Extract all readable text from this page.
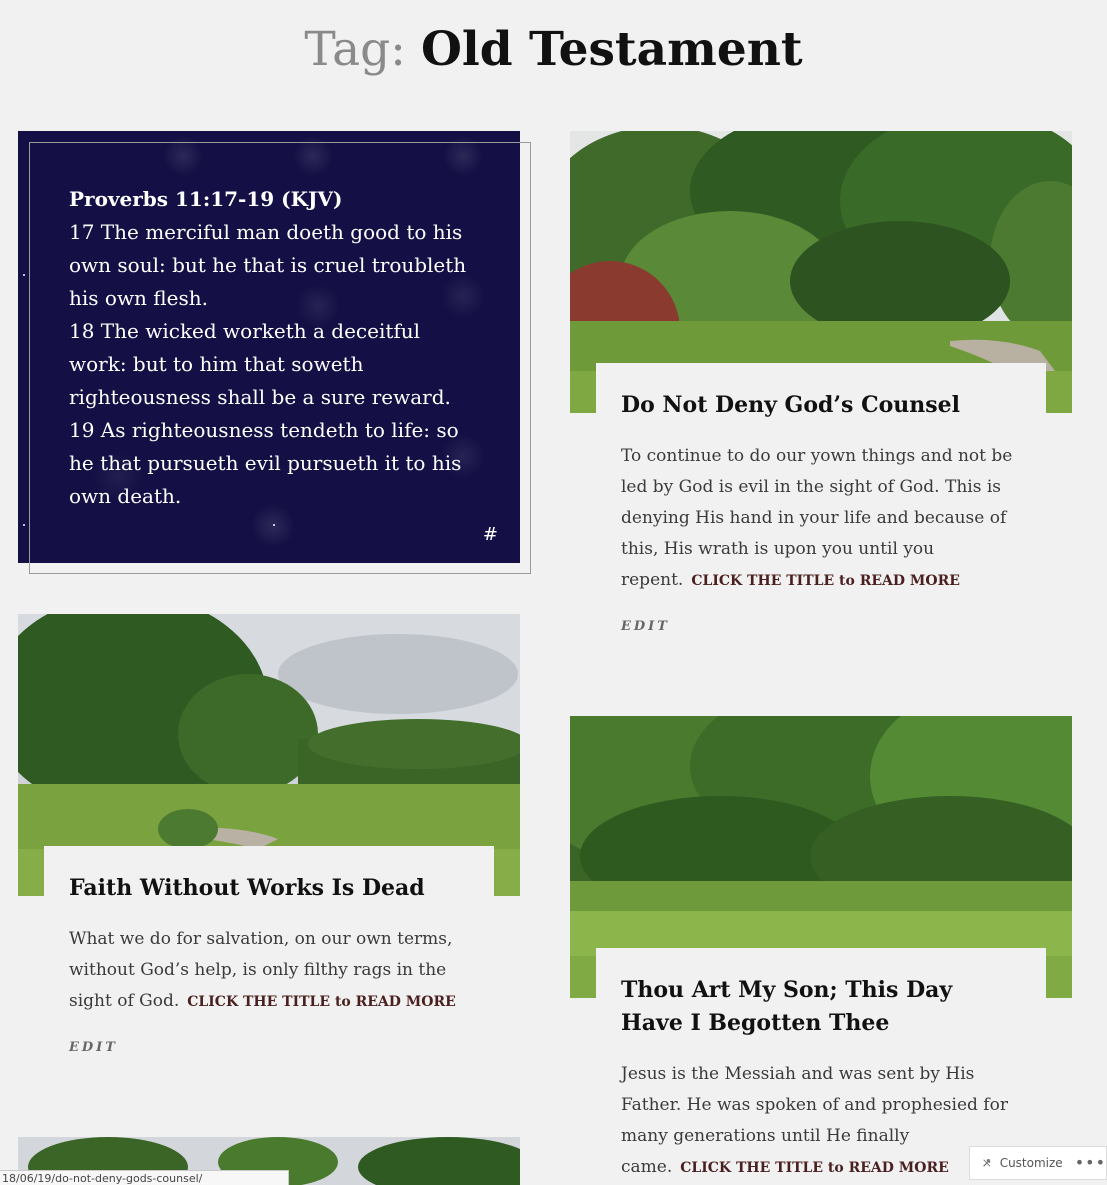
Tag: Old Testament
Proverbs 11:17-19 (KJV)
17 The merciful man doeth good to his own soul: but he that is cruel troubleth his own flesh.
18 The wicked worketh a deceitful work: but to him that soweth righteousness shall be a sure reward.
19 As righteousness tendeth to life: so he that pursueth evil pursueth it to his own death.
#
Do Not Deny God’s Counsel
To continue to do our yown things and not be led by God is evil in the sight of God. This is denying His hand in your life and because of this, His wrath is upon you until you repent. CLICK THE TITLE to READ MORE
EDIT
Faith Without Works Is Dead
What we do for salvation, on our own terms, without God’s help, is only filthy rags in the sight of God. CLICK THE TITLE to READ MORE
EDIT
Thou Art My Son; This Day Have I Begotten Thee
Jesus is the Messiah and was sent by His Father. He was spoken of and prophesied for many generations until He finally came. CLICK THE TITLE to READ MORE
18/06/19/do-not-deny-gods-counsel/
Customize •••
